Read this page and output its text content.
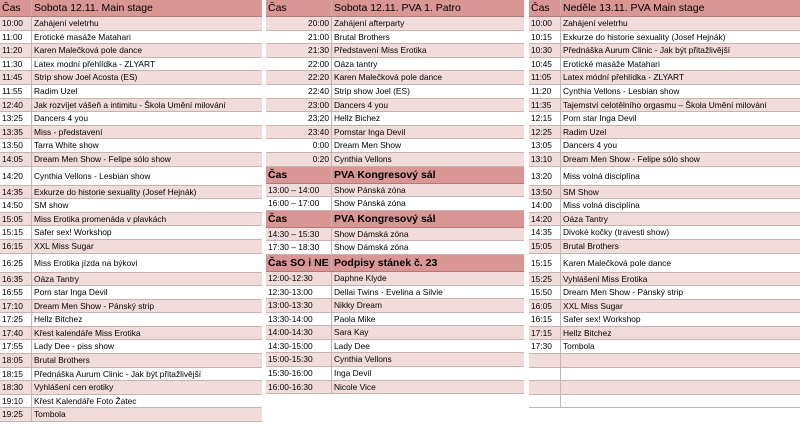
Čas	Sobota 12.11. Main stage
10:00	Zahájení veletrhu
11:00	Erotické masáže Matahari
11:20	Karen Malečková pole dance
11:30	Latex modní přehlídka - ZLYART
11:45	Strip show Joel Acosta (ES)
11:55	Radim Uzel
12:40	Jak rozvíjet vášeň a intimitu - Škola Umění milování
13:25	Dancers 4 you
13:35	Miss - představení
13:50	Tarra White show
14:05	Dream Men Show - Felipe sólo show
14:20	Cynthia Vellons - Lesbian show
14:35	Exkurze do historie sexuality (Josef Hejnák)
14:50	SM show
15:05	Miss Erotika promenáda v plavkách
15:15	Safer sex! Workshop
16:15	XXL Miss Sugar
16:25	Miss Erotika jízda na býkovi
16:35	Oáza Tantry
16:55	Porn star Inga Devil
17:10	Dream Men Show - Pánský strip
17:25	Hellz Bitchez
17:40	Křest kalendáře Miss Erotika
17:55	Lady Dee - piss show
18:05	Brutal Brothers
18:15	Přednáška Aurum Clinic - Jak být přitažlivější
18:30	Vyhlášení cen erotiky
19:10	Křest Kalendáře Foto Žatec
19:25	Tombola
Čas	Sobota 12.11. PVA 1. Patro
20:00 Zahájení afterparty
21:00 Brutal Brothers
21:30 Představení Miss Erotika
22:00 Oáza tantry
22:20 Karen Malečková pole dance
22:40 Strip show Joel (ES)
23:00 Dancers 4 you
23:20 Hellz Bichez
23:40 Pornstar Inga Devil
0:00 Dream Men Show
0:20 Cynthia Vellons
Čas	PVA Kongresový sál
13:00 – 14:00	Show Pánská zóna
16:00 – 17:00	Show Pánská zóna
Čas	PVA Kongresový sál
14:30 – 15:30	Show Dámská zóna
17:30 – 18:30	Show Dámská zóna
Čas SO i NE Podpisy stánek č. 23
12:00-12:30	Daphne Klyde
12:30-13:00	Dellai Twins - Evelina a Silvie
13:00-13:30	Nikky Dream
13:30-14:00	Paola Mike
14:00-14:30	Sara Kay
14:30-15:00	Lady Dee
15:00-15:30	Cynthia Vellons
15:30-16:00	Inga Devil
16:00-16:30	Nicole Vice
Čas	Neděle 13.11. PVA Main stage
10:00	Zahájení veletrhu
10:15	Exkurze do historie sexuality (Josef Hejnák)
10:30	Přednáška Aurum Clinic - Jak být přitažlivější
10:45	Erotické masáže Matahari
11:05	Latex módní přehlídka - ZLYART
11:20	Cynthia Vellons - Lesbian show
11:35	Tajemství celotělního orgasmu – Škola Umění milování
12:15	Porn star Inga Devil
12:25	Radim Uzel
13:05	Dancers 4 you
13:10	Dream Men Show - Felipe sólo show
13:20	Miss volná disciplína
13:50	SM Show
14:00	Miss volná disciplína
14:20	Oáza Tantry
14:35	Divoké kočky (travesti show)
15:05	Brutal Brothers
15:15	Karen Malečková pole dance
15:25	Vyhlášení Miss Erotika
15:50	Dream Men Show - Pánský strip
16:05	XXL Miss Sugar
16:15	Safer sex! Workshop
17:15	Hellz Bitchez
17:30	Tombola
